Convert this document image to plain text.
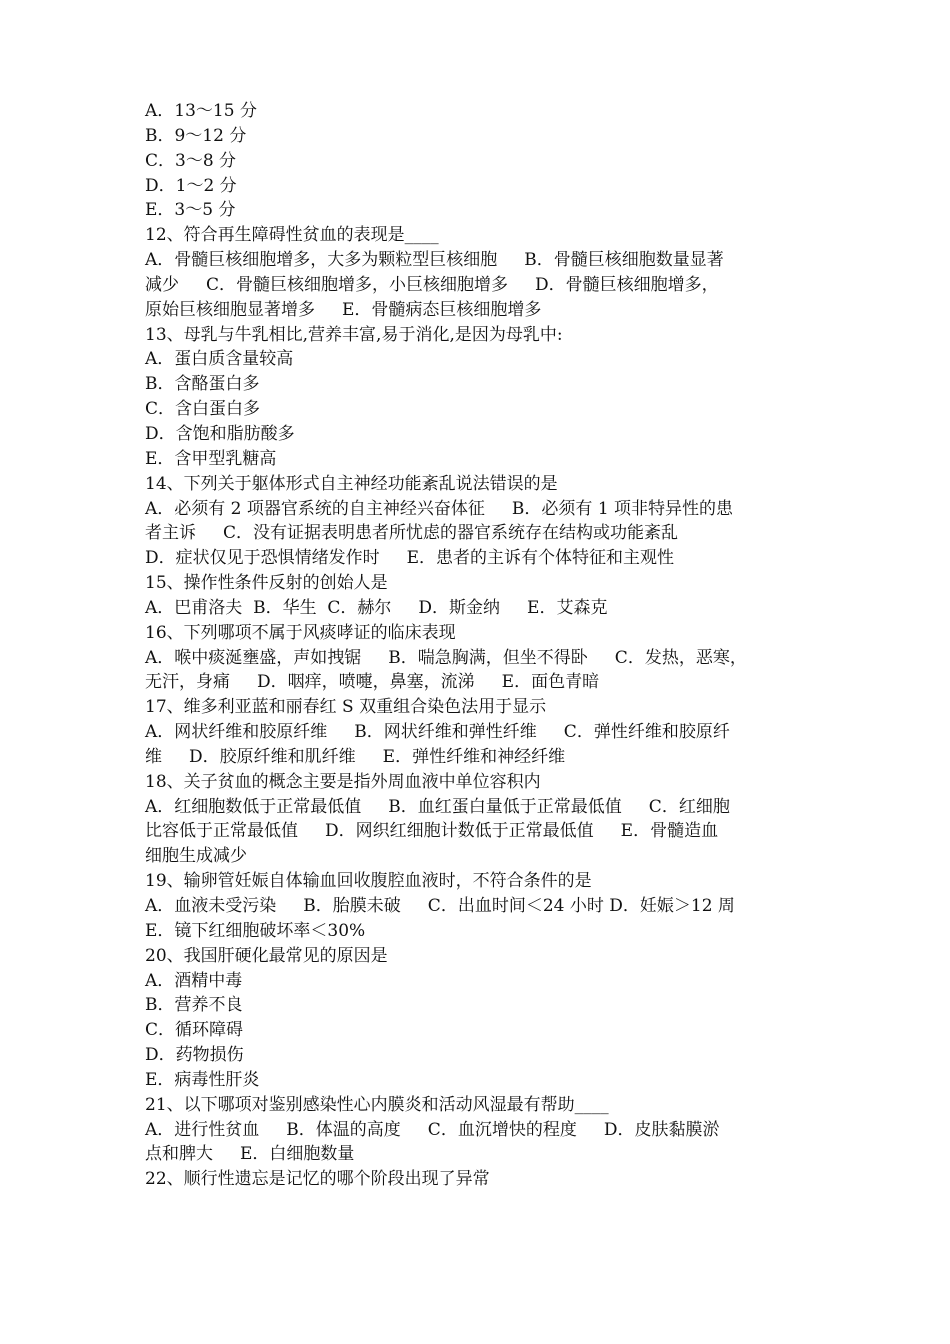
A．13～15 分
B．9～12 分
C．3～8 分
D．1～2 分
E．3～5 分
12、符合再生障碍性贫血的表现是____
A．骨髓巨核细胞增多，大多为颗粒型巨核细胞     B．骨髓巨核细胞数量显著
减少     C．骨髓巨核细胞增多，小巨核细胞增多     D．骨髓巨核细胞增多，
原始巨核细胞显著增多     E．骨髓病态巨核细胞增多
13、母乳与牛乳相比,营养丰富,易于消化,是因为母乳中:
A．蛋白质含量较高
B．含酪蛋白多
C．含白蛋白多
D．含饱和脂肪酸多
E．含甲型乳糖高
14、下列关于躯体形式自主神经功能紊乱说法错误的是
A．必须有 2 项器官系统的自主神经兴奋体征     B．必须有 1 项非特异性的患
者主诉     C．没有证据表明患者所忧虑的器官系统存在结构或功能紊乱
D．症状仅见于恐惧情绪发作时     E．患者的主诉有个体特征和主观性
15、操作性条件反射的创始人是
A．巴甫洛夫  B．华生  C．赫尔     D．斯金纳     E．艾森克
16、下列哪项不属于风痰哮证的临床表现
A．喉中痰涎壅盛，声如拽锯     B．喘急胸满，但坐不得卧     C．发热，恶寒，
无汗，身痛     D．咽痒，喷嚏，鼻塞，流涕     E．面色青暗
17、维多利亚蓝和丽春红 S 双重组合染色法用于显示
A．网状纤维和胶原纤维     B．网状纤维和弹性纤维     C．弹性纤维和胶原纤
维     D．胶原纤维和肌纤维     E．弹性纤维和神经纤维
18、关子贫血的概念主要是指外周血液中单位容积内
A．红细胞数低于正常最低值     B．血红蛋白量低于正常最低值     C．红细胞
比容低于正常最低值     D．网织红细胞计数低于正常最低值     E．骨髓造血
细胞生成减少
19、输卵管妊娠自体输血回收腹腔血液时，不符合条件的是
A．血液未受污染     B．胎膜未破     C．出血时间＜24 小时 D．妊娠＞12 周
E．镜下红细胞破坏率＜30%
20、我国肝硬化最常见的原因是
A．酒精中毒
B．营养不良
C．循环障碍
D．药物损伤
E．病毒性肝炎
21、以下哪项对鉴别感染性心内膜炎和活动风湿最有帮助____
A．进行性贫血     B．体温的高度     C．血沉增快的程度     D．皮肤黏膜淤
点和脾大     E．白细胞数量
22、顺行性遗忘是记忆的哪个阶段出现了异常
